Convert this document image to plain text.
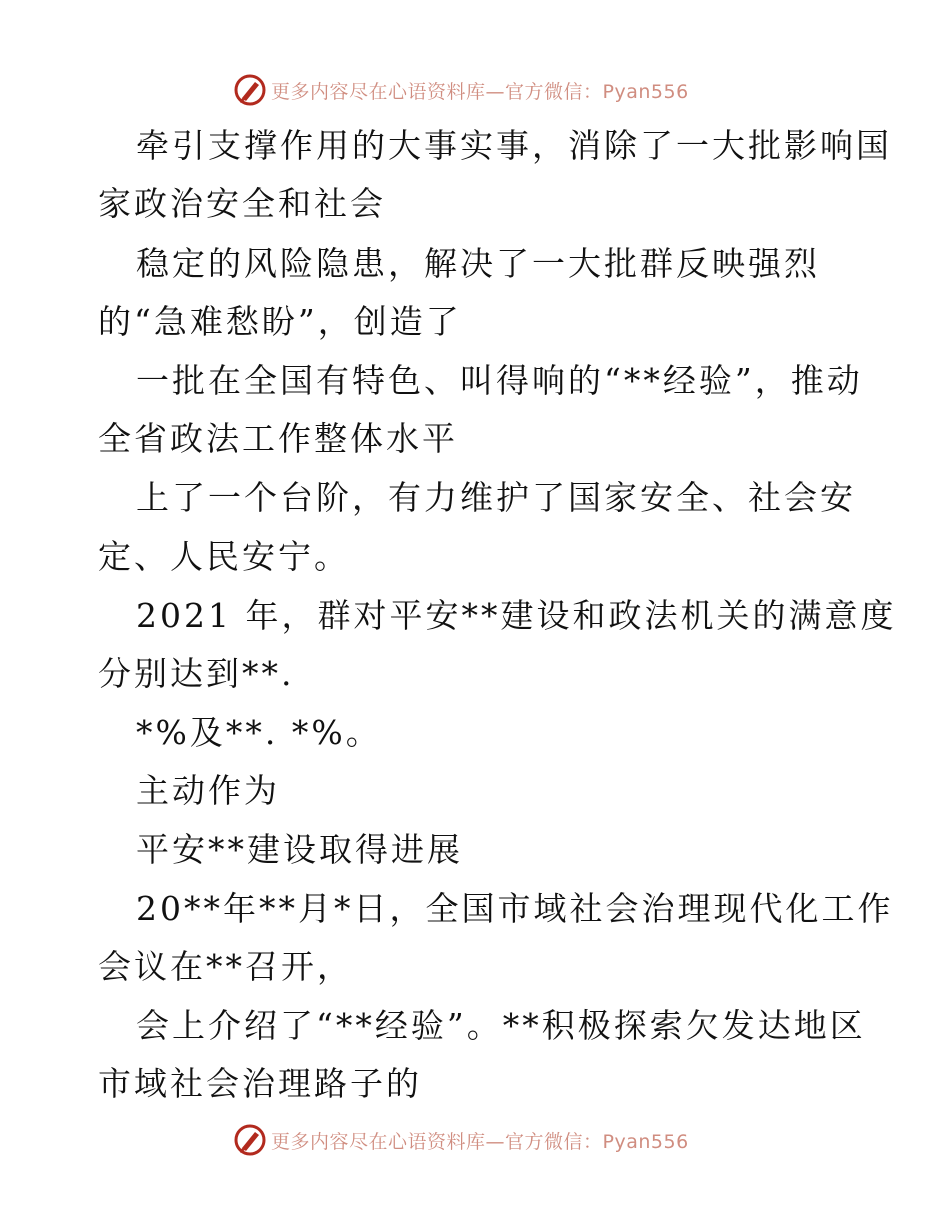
更多内容尽在心语资料库—官方微信：Pyan556
牵引支撑作用的大事实事，消除了一大批影响国
家政治安全和社会
稳定的风险隐患，解决了一大批群反映强烈
的“急难愁盼”，创造了
一批在全国有特色、叫得响的“**经验”，推动
全省政法工作整体水平
上了一个台阶，有力维护了国家安全、社会安
定、人民安宁。
2021 年，群对平安**建设和政法机关的满意度
分别达到**.
*%及**. *%。
主动作为
平安**建设取得进展
20**年**月*日，全国市域社会治理现代化工作
会议在**召开，
会上介绍了“**经验”。**积极探索欠发达地区
市域社会治理路子的
更多内容尽在心语资料库—官方微信：Pyan556
